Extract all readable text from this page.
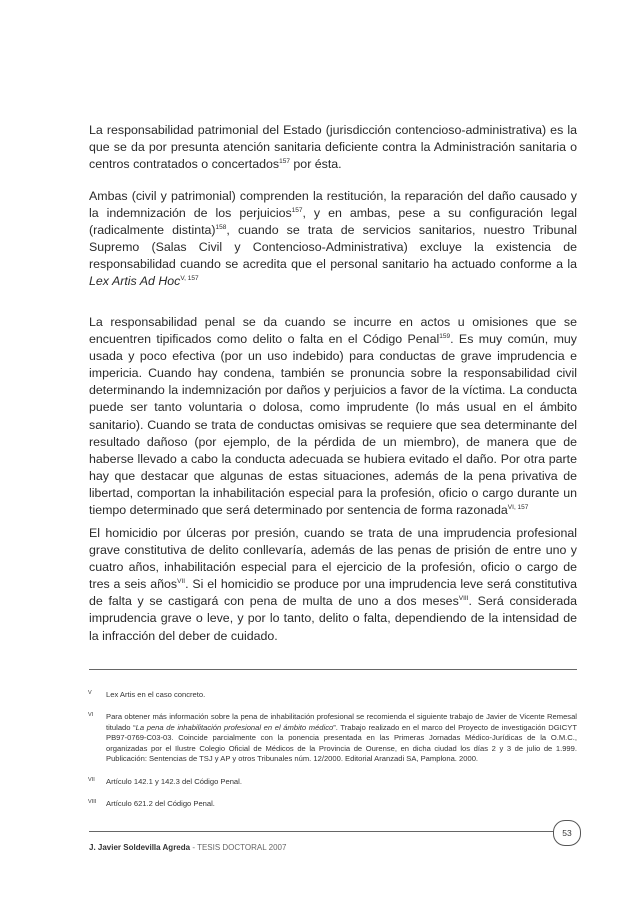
La responsabilidad patrimonial del Estado (jurisdicción contencioso-administrativa) es la que se da por presunta atención sanitaria deficiente contra la Administración sanitaria o centros contratados o concertados$^{157}$ por ésta.

Ambas (civil y patrimonial) comprenden la restitución, la reparación del daño causado y la indemnización de los perjuicios$^{157}$, y en ambas, pese a su configuración legal (radicalmente distinta)$^{158}$, cuando se trata de servicios sanitarios, nuestro Tribunal Supremo (Salas Civil y Contencioso-Administrativa) excluye la existencia de responsabilidad cuando se acredita que el personal sanitario ha actuado conforme a la Lex Artis Ad Hoc$^{V, 157}$

La responsabilidad penal se da cuando se incurre en actos u omisiones que se encuentren tipificados como delito o falta en el Código Penal$^{159}$. Es muy común, muy usada y poco efectiva (por un uso indebido) para conductas de grave imprudencia e impericia. Cuando hay condena, también se pronuncia sobre la responsabilidad civil determinando la indemnización por daños y perjuicios a favor de la víctima. La conducta puede ser tanto voluntaria o dolosa, como imprudente (lo más usual en el ámbito sanitario). Cuando se trata de conductas omisivas se requiere que sea determinante del resultado dañoso (por ejemplo, de la pérdida de un miembro), de manera que de haberse llevado a cabo la conducta adecuada se hubiera evitado el daño. Por otra parte hay que destacar que algunas de estas situaciones, además de la pena privativa de libertad, comportan la inhabilitación especial para la profesión, oficio o cargo durante un tiempo determinado que será determinado por sentencia de forma razonada$^{VI, 157}$

El homicidio por úlceras por presión, cuando se trata de una imprudencia profesional grave constitutiva de delito conllevaría, además de las penas de prisión de entre uno y cuatro años, inhabilitación especial para el ejercicio de la profesión, oficio o cargo de tres a seis años$^{VII}$. Si el homicidio se produce por una imprudencia leve será constitutiva de falta y se castigará con pena de multa de uno a dos meses$^{VIII}$. Será considerada imprudencia grave o leve, y por lo tanto, delito o falta, dependiendo de la intensidad de la infracción del deber de cuidado.

V	Lex Artis en el caso concreto.
VI	Para obtener más información sobre la pena de inhabilitación profesional se recomienda el siguiente trabajo de Javier de Vicente Remesal titulado “La pena de inhabilitación profesional en el ámbito médico”. Trabajo realizado en el marco del Proyecto de investigación DGICYT PB97-0769-C03-03. Coincide parcialmente con la ponencia presentada en las Primeras Jornadas Médico-Jurídicas de la O.M.C., organizadas por el Ilustre Colegio Oficial de Médicos de la Provincia de Ourense, en dicha ciudad los días 2 y 3 de julio de 1.999. Publicación: Sentencias de TSJ y AP y otros Tribunales núm. 12/2000. Editorial Aranzadi SA, Pamplona. 2000.
VII	Artículo 142.1 y 142.3 del Código Penal.
VIII	Artículo 621.2 del Código Penal.
J. Javier Soldevilla Agreda - TESIS DOCTORAL 2007
53
